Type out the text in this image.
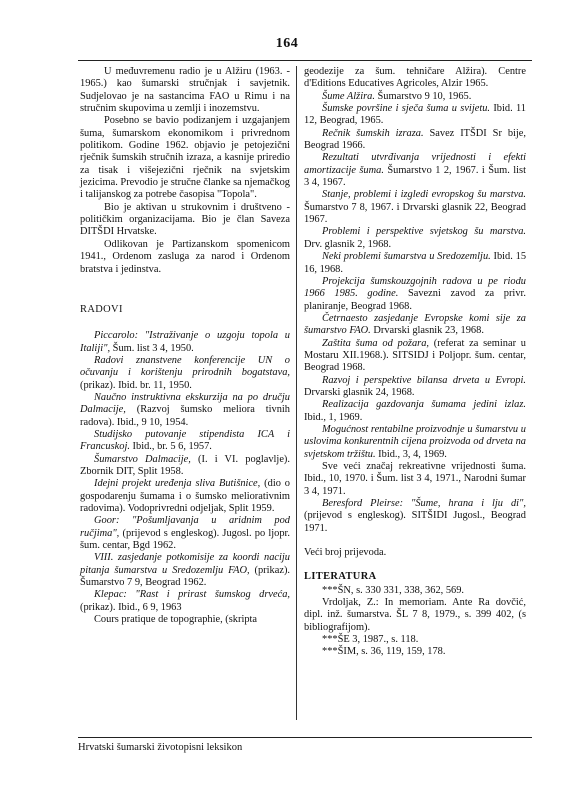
164

U međuvremenu radio je u Alžiru (1963. - 1965.) kao šumarski stručnjak i savjetnik. Sudjelovao je na sastancima FAO u Rimu i na stručnim skupovima u zemlji i inozemstvu.

Posebno se bavio podizanjem i uzgajanjem šuma, šumarskom ekonomikom i privrednom politikom. Godine 1962. objavio je petojezični rječnik šumskih stručnih izraza, a kasnije priredio za tisak i višejezični rječnik na svjetskim jezicima. Prevodio je stručne članke sa njemačkog i talijanskog za potrebe časopisa "Topola".

Bio je aktivan u strukovnim i društveno - političkim organizacijama. Bio je član Saveza DITŠDI Hrvatske.

Odlikovan je Partizanskom spomenicom 1941., Ordenom zasluga za narod i Ordenom bratstva i jedinstva.

RADOVI

Piccarolo: "Istraživanje o uzgoju topola u Italiji", Šum. list 3 4, 1950.

Radovi znanstvene konferencije UN o očuvanju i korištenju prirodnih bogatstava, (prikaz). Ibid. br. 11, 1950.

Naučno instruktivna ekskurzija na po dručju Dalmacije, (Razvoj šumsko meliora tivnih radova). Ibid., 9 10, 1954.

Studijsko putovanje stipendista ICA i Francuskoj. Ibid., br. 5 6, 1957.

Šumarstvo Dalmacije, (I. i VI. poglavlje). Zbornik DIT, Split 1958.

Idejni projekt uređenja sliva Butišnice, (dio o gospodarenju šumama i o šumsko meliorativnim radovima). Vodoprivredni odjeljak, Split 1959.

Goor: "Pošumljavanja u aridnim pod ručjima", (prijevod s engleskog). Jugosl. po ljopr. šum. centar, Bgd 1962.

VIII. zasjedanje potkomisije za koordi naciju pitanja šumarstva u Sredozemlju FAO, (prikaz). Šumarstvo 7 9, Beograd 1962.

Klepac: "Rast i prirast šumskog drveća, (prikaz). Ibid., 6 9, 1963

Cours pratique de topographie, (skripta

geodezije za šum. tehničare Alžira). Centre d'Editions Educatives Agricoles, Alzir 1965.

Šume Alžira. Šumarstvo 9 10, 1965.

Šumske površine i sječa šuma u svijetu. Ibid. 11 12, Beograd, 1965.

Rečnik šumskih izraza. Savez ITŠDI Sr bije, Beograd 1966.

Rezultati utvrđivanja vrijednosti i efekti amortizacije šuma. Šumarstvo 1 2, 1967. i Šum. list 3 4, 1967.

Stanje, problemi i izgledi evropskog šu marstva. Šumarstvo 7 8, 1967. i Drvarski glasnik 22, Beograd 1967.

Problemi i perspektive svjetskog šu marstva. Drv. glasnik 2, 1968.

Neki problemi šumarstva u Sredozemlju. Ibid. 15 16, 1968.

Projekcija šumskouzgojnih radova u pe riodu 1966 1985. godine. Savezni zavod za privr. planiranje, Beograd 1968.

Četrnaesto zasjedanje Evropske komi sije za šumarstvo FAO. Drvarski glasnik 23, 1968.

Zaštita šuma od požara, (referat za seminar u Mostaru XII.1968.). SITSIDJ i Poljopr. šum. centar, Beograd 1968.

Razvoj i perspektive bilansa drveta u Evropi. Drvarski glasnik 24, 1968.

Realizacija gazdovanja šumama jedini izlaz. Ibid., 1, 1969.

Mogućnost rentabilne proizvodnje u šumarstvu u uslovima konkurentnih cijena proizvoda od drveta na svjetskom tržištu. Ibid., 3, 4, 1969.

Sve veći značaj rekreativne vrijednosti šuma. Ibid., 10, 1970. i Šum. list 3 4, 1971., Narodni šumar 3 4, 1971.

Beresford Pleirse: "Šume, hrana i lju di", (prijevod s engleskog). SITŠIDI Jugosl., Beograd 1971.

Veći broj prijevoda.

LITERATURA

***ŠN, s. 330 331, 338, 362, 569.

Vrdoljak, Z.: In memoriam. Ante Ra dovčić, dipl. inž. šumarstva. ŠL 7 8, 1979., s. 399 402, (s bibliografijom).

***ŠE 3, 1987., s. 118.

***ŠIM, s. 36, 119, 159, 178.

Hrvatski šumarski životopisni leksikon
